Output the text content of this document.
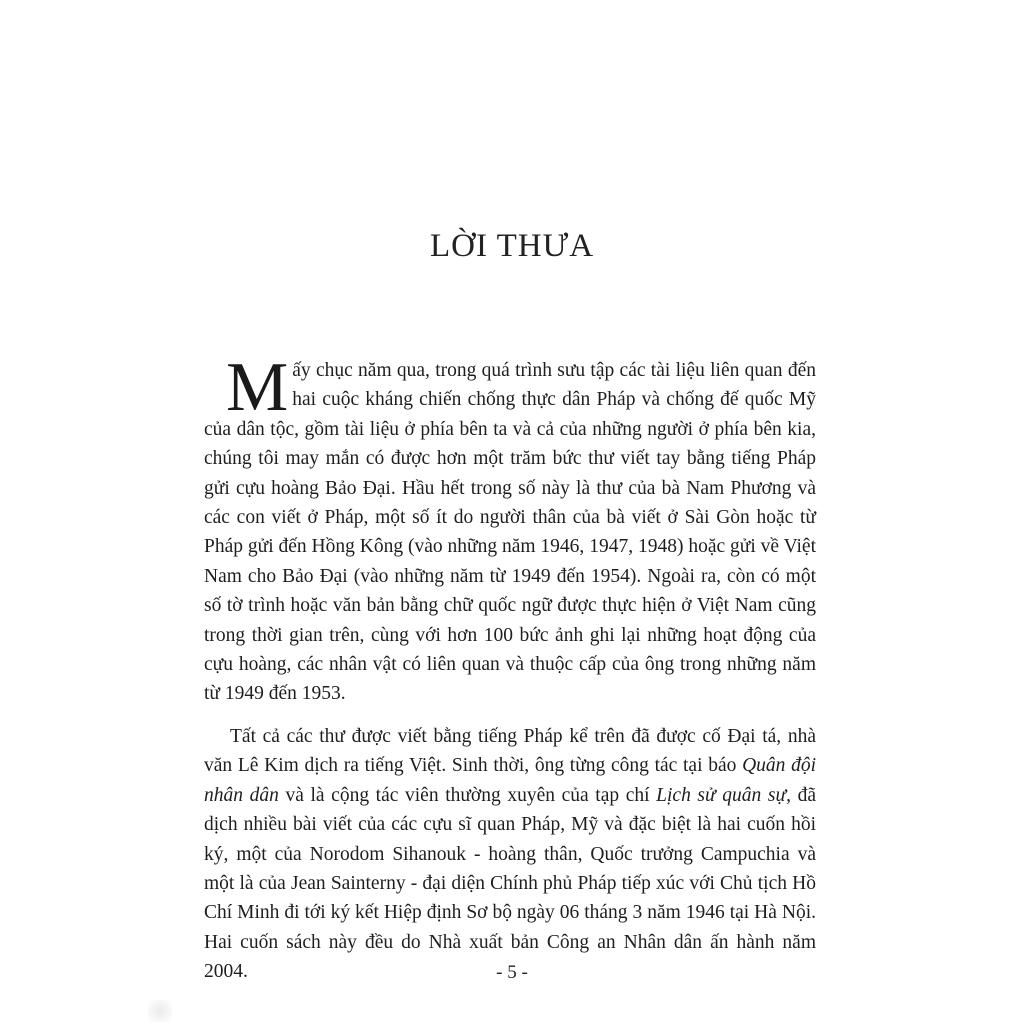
LỜI THƯA

Mấy chục năm qua, trong quá trình sưu tập các tài liệu liên quan đến hai cuộc kháng chiến chống thực dân Pháp và chống đế quốc Mỹ của dân tộc, gồm tài liệu ở phía bên ta và cả của những người ở phía bên kia, chúng tôi may mắn có được hơn một trăm bức thư viết tay bằng tiếng Pháp gửi cựu hoàng Bảo Đại. Hầu hết trong số này là thư của bà Nam Phương và các con viết ở Pháp, một số ít do người thân của bà viết ở Sài Gòn hoặc từ Pháp gửi đến Hồng Kông (vào những năm 1946, 1947, 1948) hoặc gửi về Việt Nam cho Bảo Đại (vào những năm từ 1949 đến 1954). Ngoài ra, còn có một số tờ trình hoặc văn bản bằng chữ quốc ngữ được thực hiện ở Việt Nam cũng trong thời gian trên, cùng với hơn 100 bức ảnh ghi lại những hoạt động của cựu hoàng, các nhân vật có liên quan và thuộc cấp của ông trong những năm từ 1949 đến 1953.

Tất cả các thư được viết bằng tiếng Pháp kể trên đã được cố Đại tá, nhà văn Lê Kim dịch ra tiếng Việt. Sinh thời, ông từng công tác tại báo Quân đội nhân dân và là cộng tác viên thường xuyên của tạp chí Lịch sử quân sự, đã dịch nhiều bài viết của các cựu sĩ quan Pháp, Mỹ và đặc biệt là hai cuốn hồi ký, một của Norodom Sihanouk - hoàng thân, Quốc trưởng Campuchia và một là của Jean Sainterny - đại diện Chính phủ Pháp tiếp xúc với Chủ tịch Hồ Chí Minh đi tới ký kết Hiệp định Sơ bộ ngày 06 tháng 3 năm 1946 tại Hà Nội. Hai cuốn sách này đều do Nhà xuất bản Công an Nhân dân ấn hành năm 2004.	- 5 -
